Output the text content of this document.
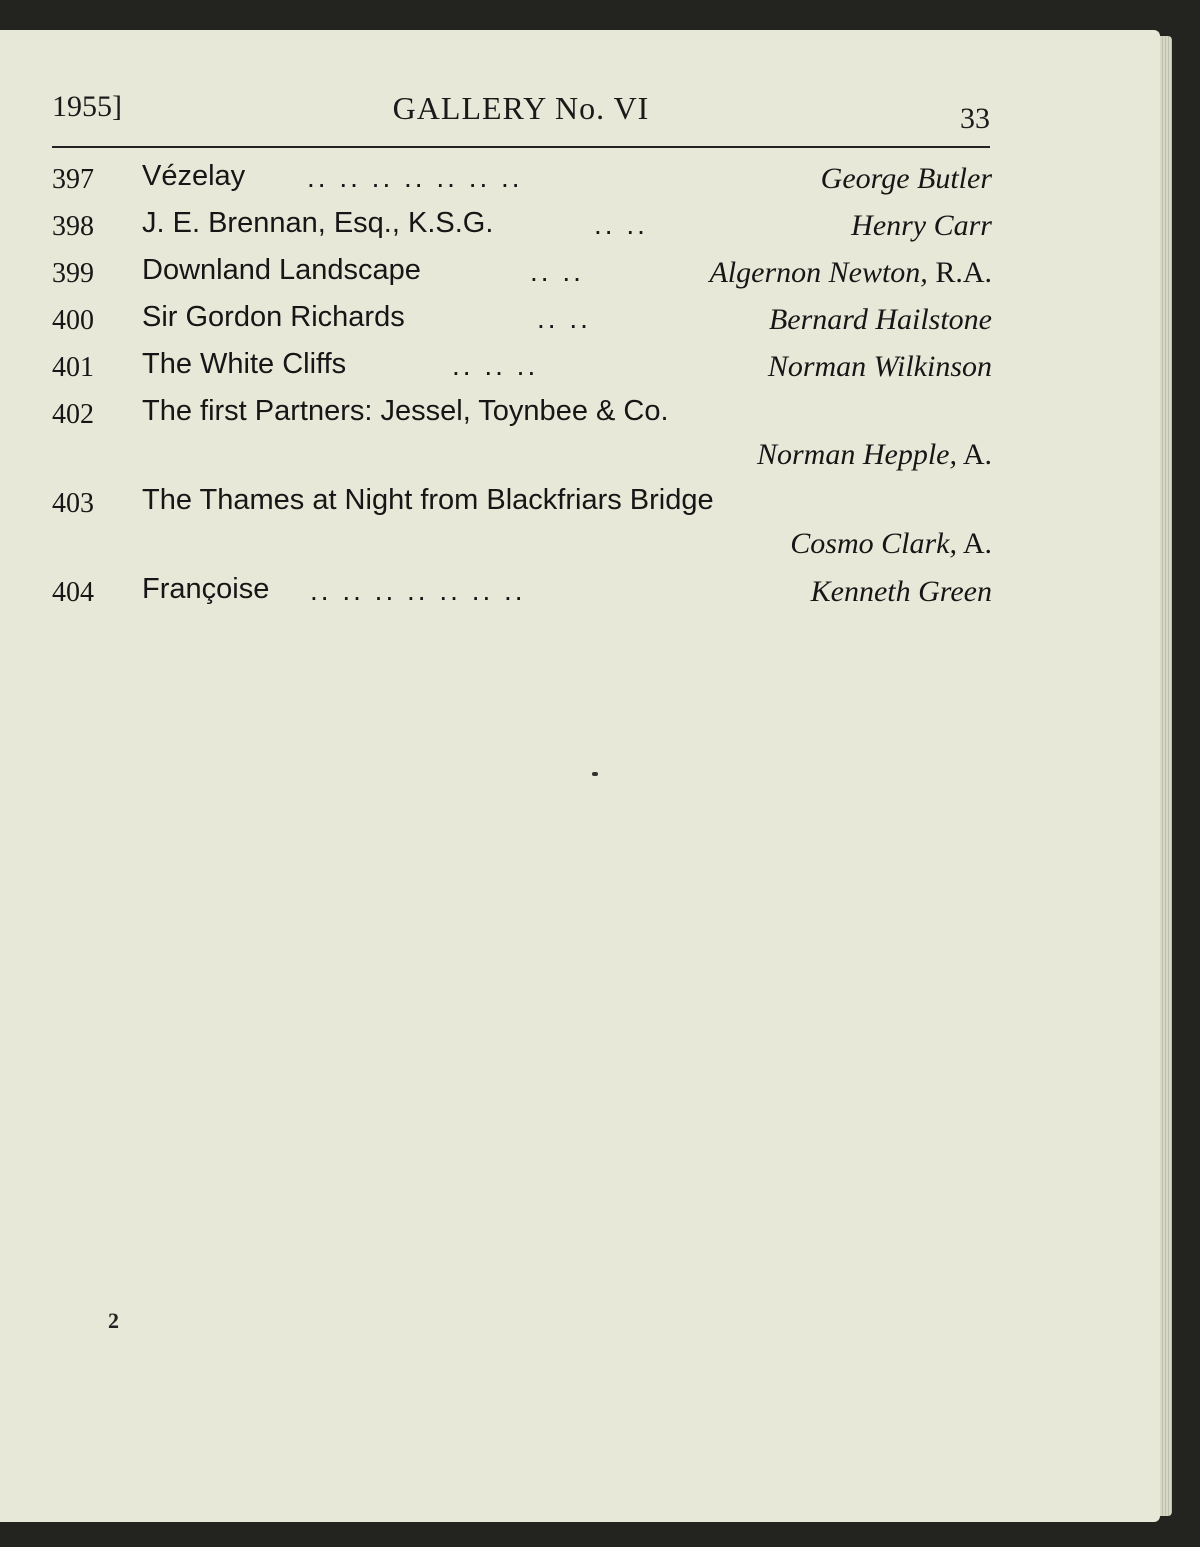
1955]	GALLERY No. VI	33
397 Vézelay .. .. .. .. .. .. ..	George Butler
398 J. E. Brennan, Esq., K.S.G.	.. ..	Henry Carr
399 Downland Landscape	.. ..	Algernon Newton, R.A.
400 Sir Gordon Richards	.. ..	Bernard Hailstone
401 The White Cliffs	.. .. ..	Norman Wilkinson
402 The first Partners: Jessel, Toynbee & Co.
Norman Hepple, A.
403 The Thames at Night from Blackfriars Bridge
Cosmo Clark, A.
404 Françoise .. .. .. .. .. .. ..	Kenneth Green
2
